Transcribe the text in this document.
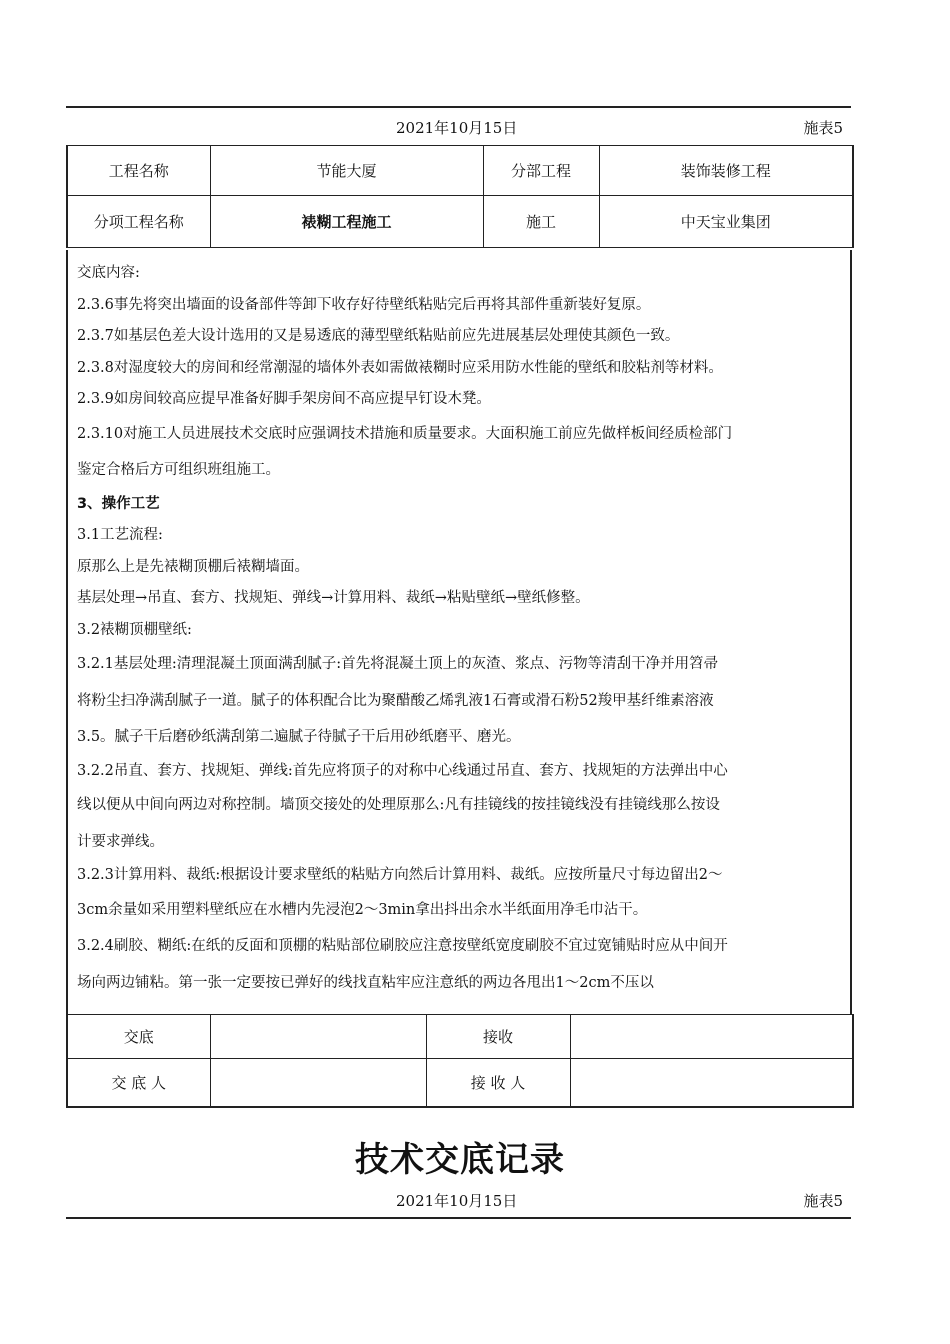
2021年10月15日	施表5
工程名称	节能大厦	分部工程	装饰装修工程
分项工程名称	裱糊工程施工	施工	中天宝业集团

交底内容:

2.3.6事先将突出墙面的设备部件等卸下收存好待壁纸粘贴完后再将其部件重新装好复原。

2.3.7如基层色差大设计选用的又是易透底的薄型壁纸粘贴前应先进展基层处理使其颜色一致。

2.3.8对湿度较大的房间和经常潮湿的墙体外表如需做裱糊时应采用防水性能的壁纸和胶粘剂等材料。

2.3.9如房间较高应提早准备好脚手架房间不高应提早钉设木凳。

2.3.10对施工人员进展技术交底时应强调技术措施和质量要求。大面积施工前应先做样板间经质检部门

鉴定合格后方可组织班组施工。

3、操作工艺

3.1工艺流程:

原那么上是先裱糊顶棚后裱糊墙面。

基层处理→吊直、套方、找规矩、弹线→计算用料、裁纸→粘贴壁纸→壁纸修整。

3.2裱糊顶棚壁纸:

3.2.1基层处理:清理混凝土顶面满刮腻子:首先将混凝土顶上的灰渣、浆点、污物等清刮干净并用笤帚

将粉尘扫净满刮腻子一道。腻子的体积配合比为聚醋酸乙烯乳液1石膏或滑石粉52羧甲基纤维素溶液

3.5。腻子干后磨砂纸满刮第二遍腻子待腻子干后用砂纸磨平、磨光。

3.2.2吊直、套方、找规矩、弹线:首先应将顶子的对称中心线通过吊直、套方、找规矩的方法弹出中心

线以便从中间向两边对称控制。墙顶交接处的处理原那么:凡有挂镜线的按挂镜线没有挂镜线那么按设

计要求弹线。

3.2.3计算用料、裁纸:根据设计要求壁纸的粘贴方向然后计算用料、裁纸。应按所量尺寸每边留出2～

3cm余量如采用塑料壁纸应在水槽内先浸泡2～3min拿出抖出余水半纸面用净毛巾沾干。

3.2.4刷胶、糊纸:在纸的反面和顶棚的粘贴部位刷胶应注意按壁纸宽度刷胶不宜过宽铺贴时应从中间开

场向两边铺粘。第一张一定要按已弹好的线找直粘牢应注意纸的两边各甩出1～2cm不压以

交底		接收	
交 底 人		接 收 人	
技术交底记录
2021年10月15日	施表5
